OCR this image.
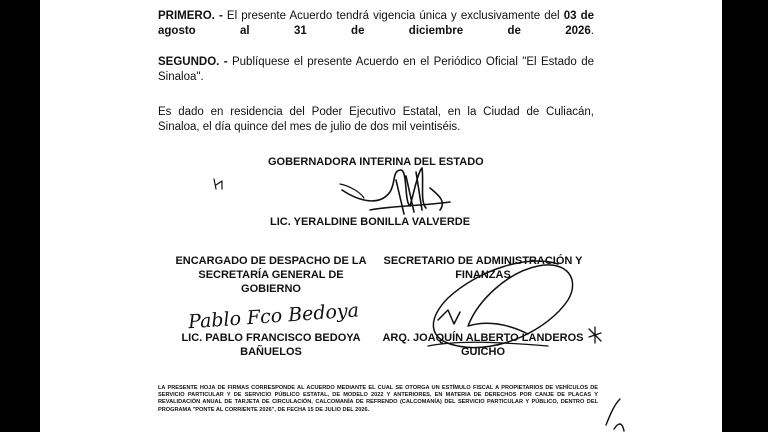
PRIMERO. - El presente Acuerdo tendrá vigencia única y exclusivamente del 03 de agosto al 31 de diciembre de 2026.
SEGUNDO. - Publíquese el presente Acuerdo en el Periódico Oficial "El Estado de Sinaloa".
Es dado en residencia del Poder Ejecutivo Estatal, en la Ciudad de Culiacán, Sinaloa, el día quince del mes de julio de dos mil veintiséis.
GOBERNADORA INTERINA DEL ESTADO
LIC. YERALDINE BONILLA VALVERDE
ENCARGADO DE DESPACHO DE LA
SECRETARÍA GENERAL DE
GOBIERNO
Pablo Fco Bedoya
LIC. PABLO FRANCISCO BEDOYA
BAÑUELOS
SECRETARIO DE ADMINISTRACIÓN Y
FINANZAS
ARQ. JOAQUÍN ALBERTO LANDEROS
GUICHO
LA PRESENTE HOJA DE FIRMAS CORRESPONDE AL ACUERDO MEDIANTE EL CUAL SE OTORGA UN ESTÍMULO FISCAL A PROPIETARIOS DE VEHÍCULOS DE SERVICIO PARTICULAR Y DE SERVICIO PÚBLICO ESTATAL, DE MODELO 2022 Y ANTERIORES, EN MATERIA DE DERECHOS POR CANJE DE PLACAS Y REVALIDACIÓN ANUAL DE TARJETA DE CIRCULACIÓN, CALCOMANÍA DE REFRENDO (CALCOMANÍA) DEL SERVICIO PARTICULAR Y PÚBLICO, DENTRO DEL PROGRAMA "PONTE AL CORRIENTE 2026", DE FECHA 15 DE JULIO DEL 2026.
